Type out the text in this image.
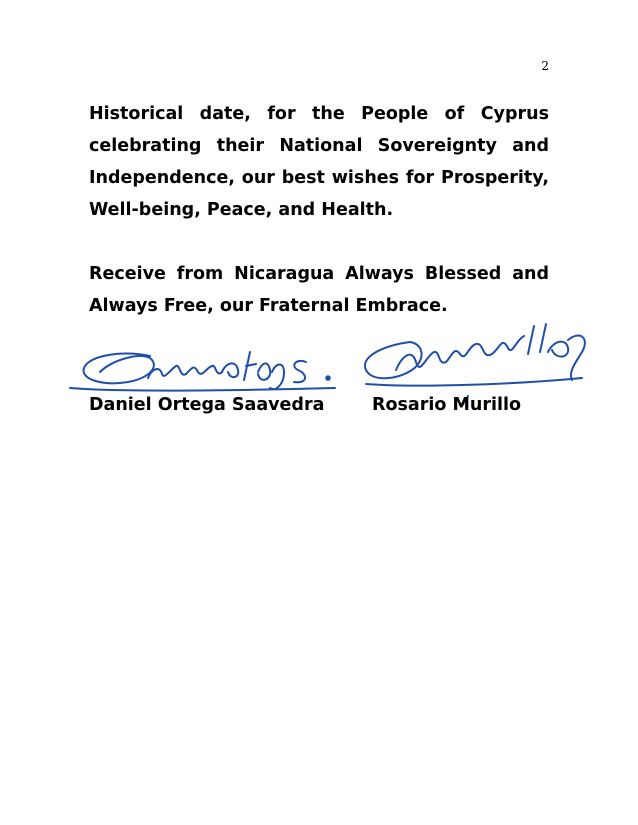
2

Historical date, for the People of Cyprus celebrating their National Sovereignty and Independence, our best wishes for Prosperity, Well-being, Peace, and Health.

Receive from Nicaragua Always Blessed and Always Free, our Fraternal Embrace.

Daniel Ortega Saavedra	Rosario Murillo
